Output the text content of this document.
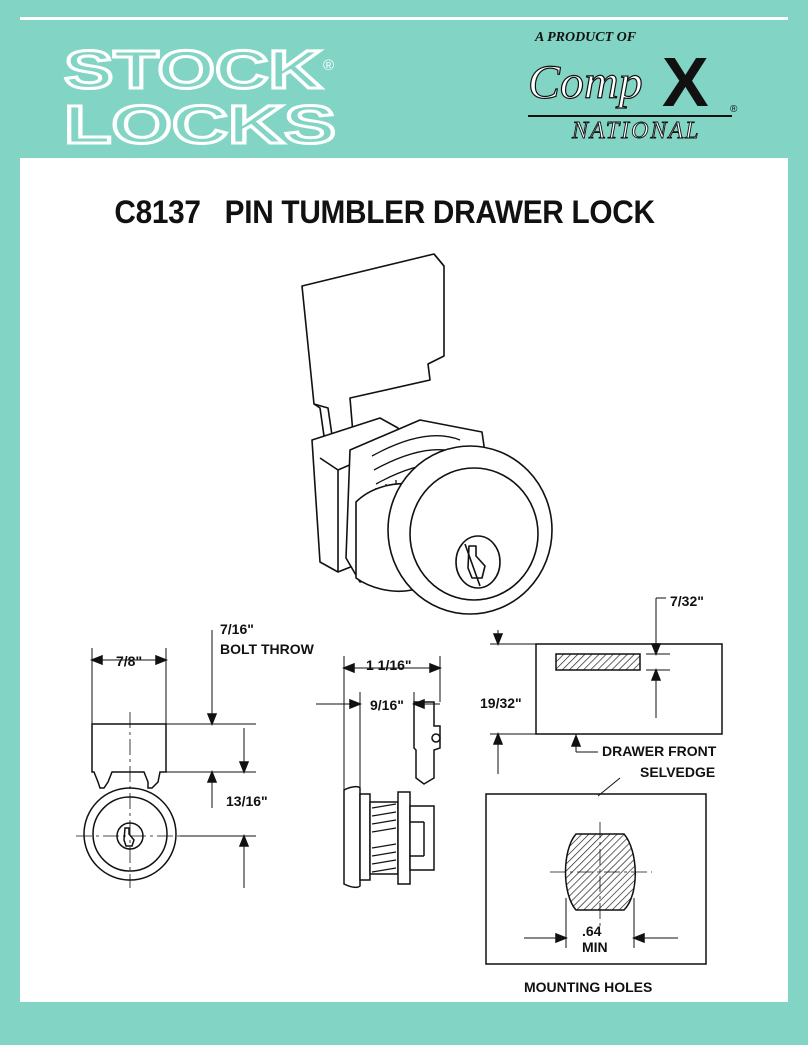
STOCK
LOCKS
®
A PRODUCT OF
Comp X ®
NATIONAL
C8137   PIN TUMBLER DRAWER LOCK
7/8"
7/16"
BOLT THROW
13/16"
1 1/16"
9/16"
7/32"
19/32"
DRAWER FRONT
SELVEDGE
.64
MIN
MOUNTING HOLES
